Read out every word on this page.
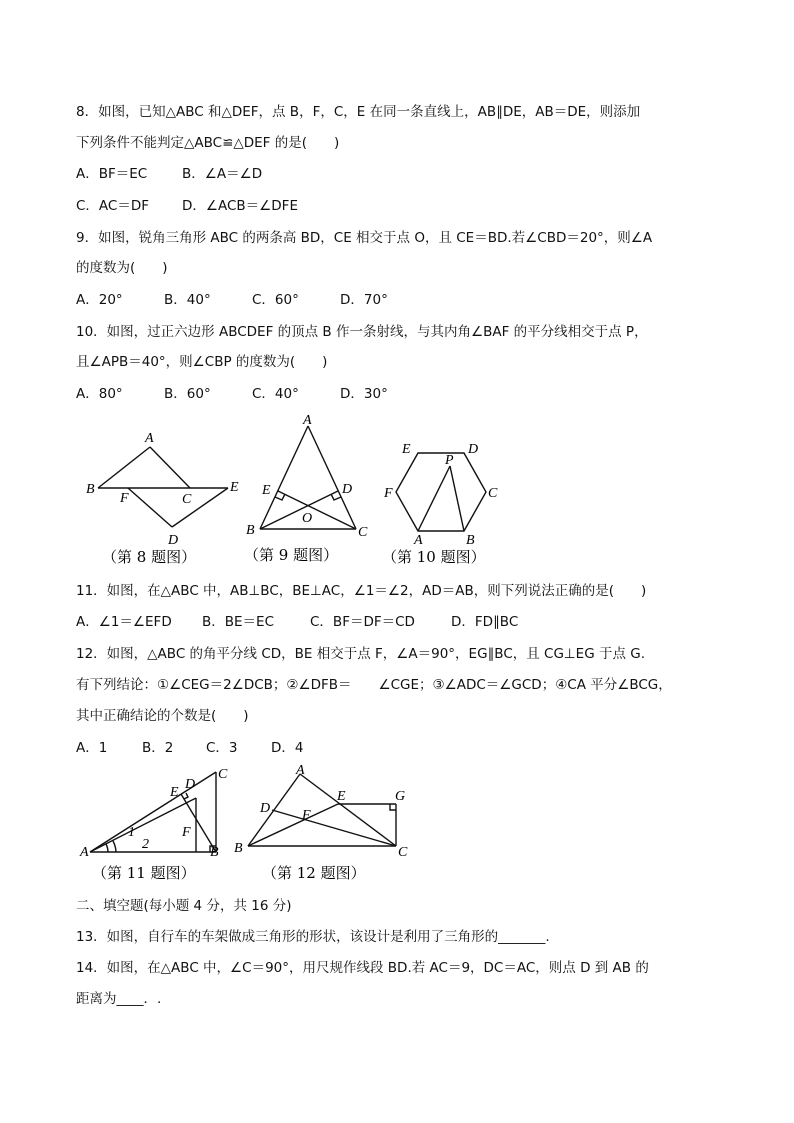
8．如图，已知△ABC 和△DEF，点 B，F，C，E 在同一条直线上，AB∥DE，AB＝DE，则添加
下列条件不能判定△ABC≌△DEF 的是(　　)
A．BF＝EC	B．∠A＝∠D
C．AC＝DF D．∠ACB＝∠DFE
9．如图，锐角三角形 ABC 的两条高 BD，CE 相交于点 O，且 CE＝BD.若∠CBD＝20°，则∠A
的度数为(　　)
A．20°	B．40°	C．60°	D．70°
10．如图，过正六边形 ABCDEF 的顶点 B 作一条射线，与其内角∠BAF 的平分线相交于点 P，
且∠APB＝40°，则∠CBP 的度数为(　　)
A．80°	B．60°	C．40°	D．30°
A
B
F	C
E
D
（第 8 题图）
A
E	D
O
B	C
（第 9 题图）
E	D
P
F	C
A	B
（第 10 题图）
11．如图，在△ABC 中，AB⊥BC，BE⊥AC，∠1＝∠2，AD＝AB，则下列说法正确的是(　　)
A．∠1＝∠EFD B．BE＝EC	C．BF＝DF＝CD	D．FD∥BC
12．如图，△ABC 的角平分线 CD，BE 相交于点 F，∠A＝90°，EG∥BC，且 CG⊥EG 于点 G.
有下列结论：①∠CEG＝2∠DCB；②∠DFB＝　　∠CGE；③∠ADC＝∠GCD；④CA 平分∠BCG，
其中正确结论的个数是(　　)
A．1	B．2 C．3 D．4
C
D
E
F
1
2
A	B
（第 11 题图）
A
D
E	G
F
B	C
（第 12 题图）
二、填空题(每小题 4 分，共 16 分)
13．如图，自行车的车架做成三角形的形状，该设计是利用了三角形的_______.
14．如图，在△ABC 中，∠C＝90°，用尺规作线段 BD.若 AC＝9，DC＝AC，则点 D 到 AB 的
距离为____．.
